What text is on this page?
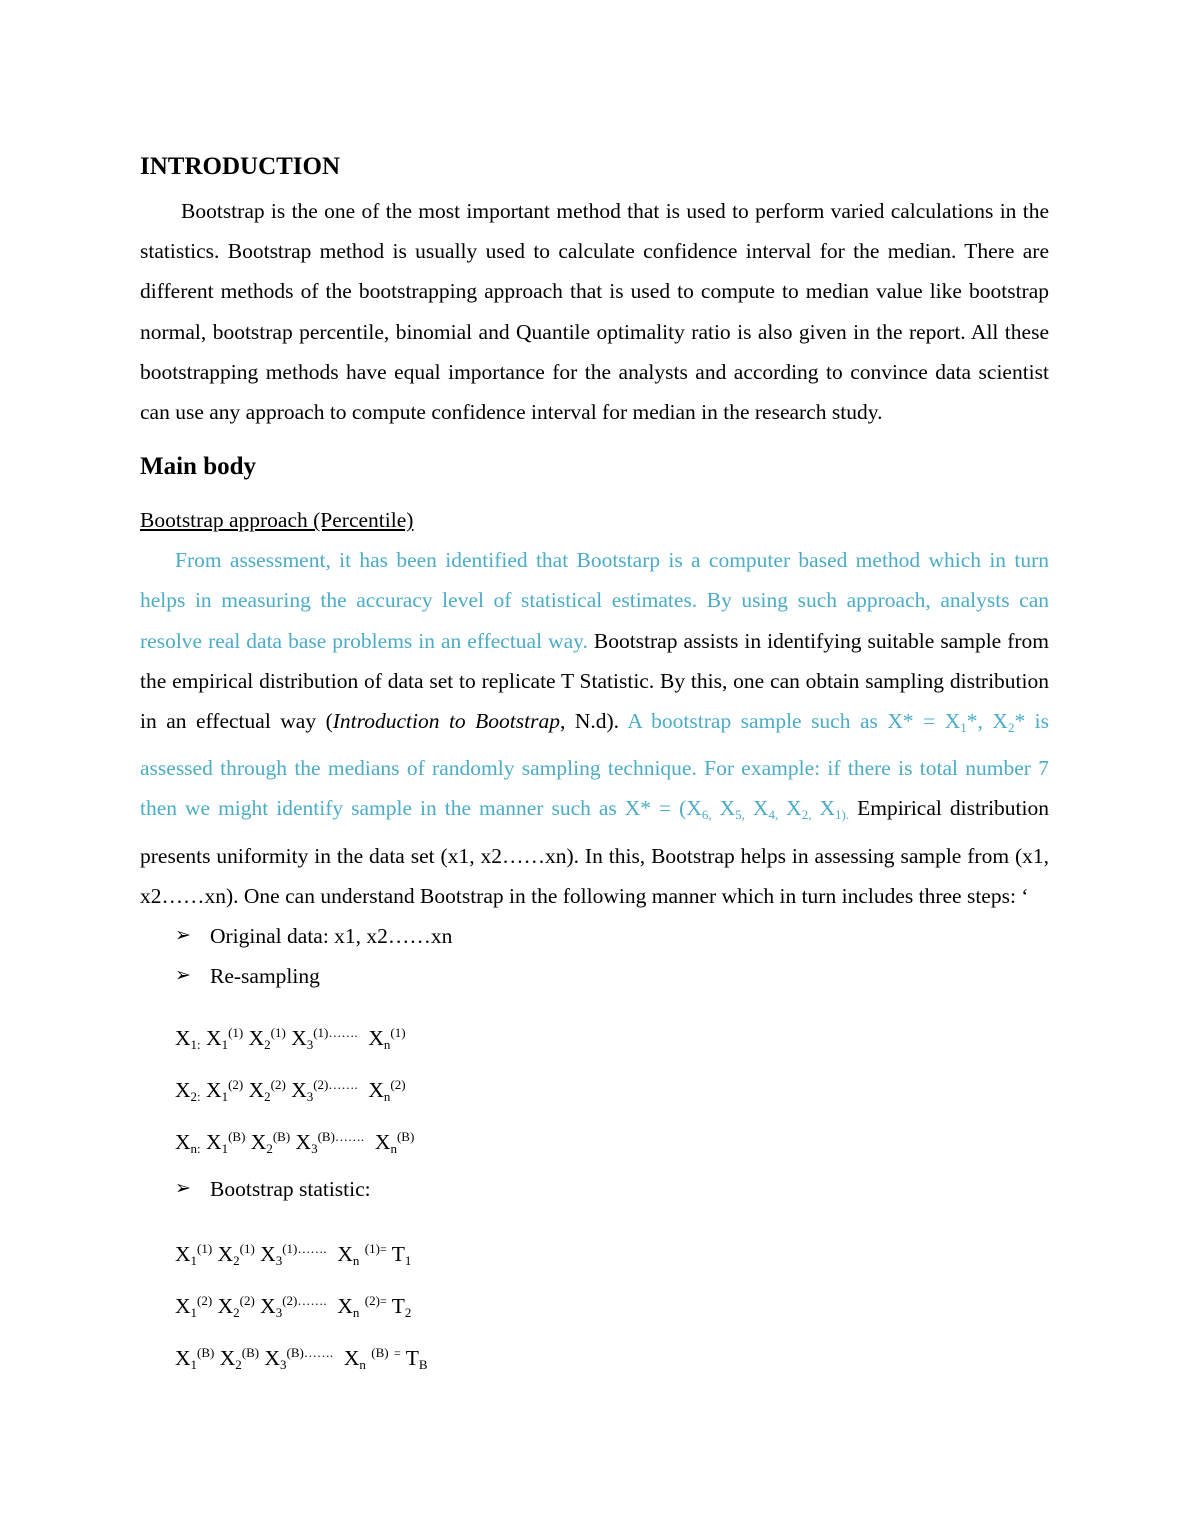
INTRODUCTION

Bootstrap is the one of the most important method that is used to perform varied calculations in the statistics. Bootstrap method is usually used to calculate confidence interval for the median. There are different methods of the bootstrapping approach that is used to compute to median value like bootstrap normal, bootstrap percentile, binomial and Quantile optimality ratio is also given in the report. All these bootstrapping methods have equal importance for the analysts and according to convince data scientist can use any approach to compute confidence interval for median in the research study.

Main body
Bootstrap approach (Percentile)

From assessment, it has been identified that Bootstarp is a computer based method which in turn helps in measuring the accuracy level of statistical estimates. By using such approach, analysts can resolve real data base problems in an effectual way. Bootstrap assists in identifying suitable sample from the empirical distribution of data set to replicate T Statistic. By this, one can obtain sampling distribution in an effectual way (Introduction to Bootstrap, N.d). A bootstrap sample such as $X* = X_1*$, $X_2*$ is assessed through the medians of randomly sampling technique. For example: if there is total number 7 then we might identify sample in the manner such as $X* = (X_{6,}$ $X_{5,}$ $X_{4,}$ $X_{2,}$ $X_{1).}$ Empirical distribution presents uniformity in the data set (x1, x2……xn). In this, Bootstrap helps in assessing sample from (x1, x2……xn). One can understand Bootstrap in the following manner which in turn includes three steps: ‘

➢ Original data: x1, x2……xn
➢ Re-sampling
$X_{1:}$ $X_1^{(1)}$ $X_2^{(1)}$ $X_3^{(1)\dots\dots.}$ $X_n^{(1)}$
$X_{2:}$ $X_1^{(2)}$ $X_2^{(2)}$ $X_3^{(2)\dots\dots.}$ $X_n^{(2)}$
$X_{n:}$ $X_1^{(B)}$ $X_2^{(B)}$ $X_3^{(B)\dots\dots.}$ $X_n^{(B)}$
➢ Bootstrap statistic:
$X_1^{(1)}$ $X_2^{(1)}$ $X_3^{(1)\dots\dots.}$ $X_n$ $^{(1)=}$ $T_1$
$X_1^{(2)}$ $X_2^{(2)}$ $X_3^{(2)\dots\dots.}$ $X_n$ $^{(2)=}$ $T_2$
$X_1^{(B)}$ $X_2^{(B)}$ $X_3^{(B)\dots\dots.}$ $X_n$ $^{(B)}$ = $T_B$
